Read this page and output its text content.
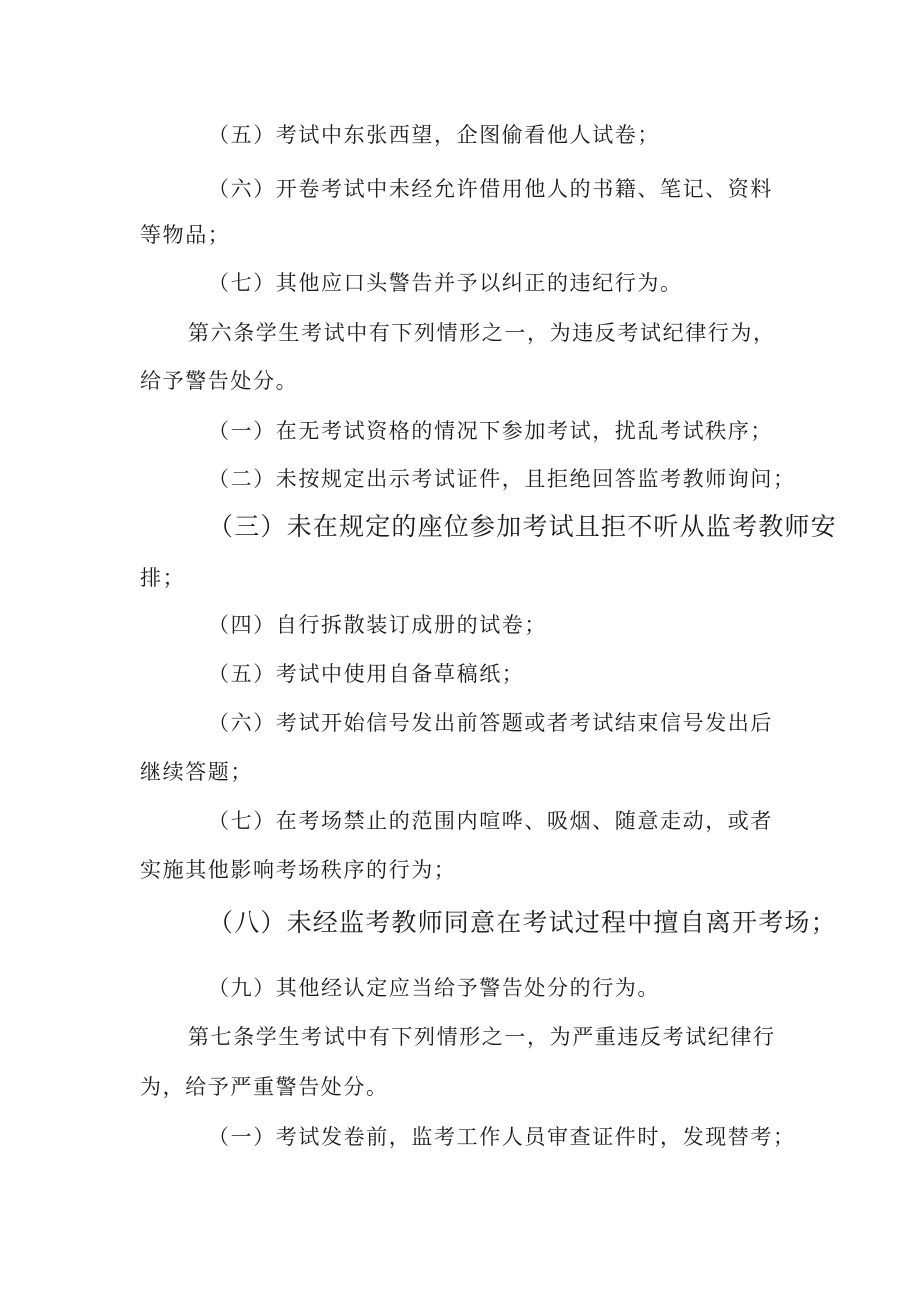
（五）考试中东张西望，企图偷看他人试卷；
（六）开卷考试中未经允许借用他人的书籍、笔记、资料
等物品；
（七）其他应口头警告并予以纠正的违纪行为。
第六条学生考试中有下列情形之一，为违反考试纪律行为，
给予警告处分。
（一）在无考试资格的情况下参加考试，扰乱考试秩序；
（二）未按规定出示考试证件，且拒绝回答监考教师询问；
（三）未在规定的座位参加考试且拒不听从监考教师安
排；
（四）自行拆散装订成册的试卷；
（五）考试中使用自备草稿纸；
（六）考试开始信号发出前答题或者考试结束信号发出后
继续答题；
（七）在考场禁止的范围内喧哗、吸烟、随意走动，或者
实施其他影响考场秩序的行为；
（八）未经监考教师同意在考试过程中擅自离开考场；
（九）其他经认定应当给予警告处分的行为。
第七条学生考试中有下列情形之一，为严重违反考试纪律行
为，给予严重警告处分。
（一）考试发卷前，监考工作人员审查证件时，发现替考；
